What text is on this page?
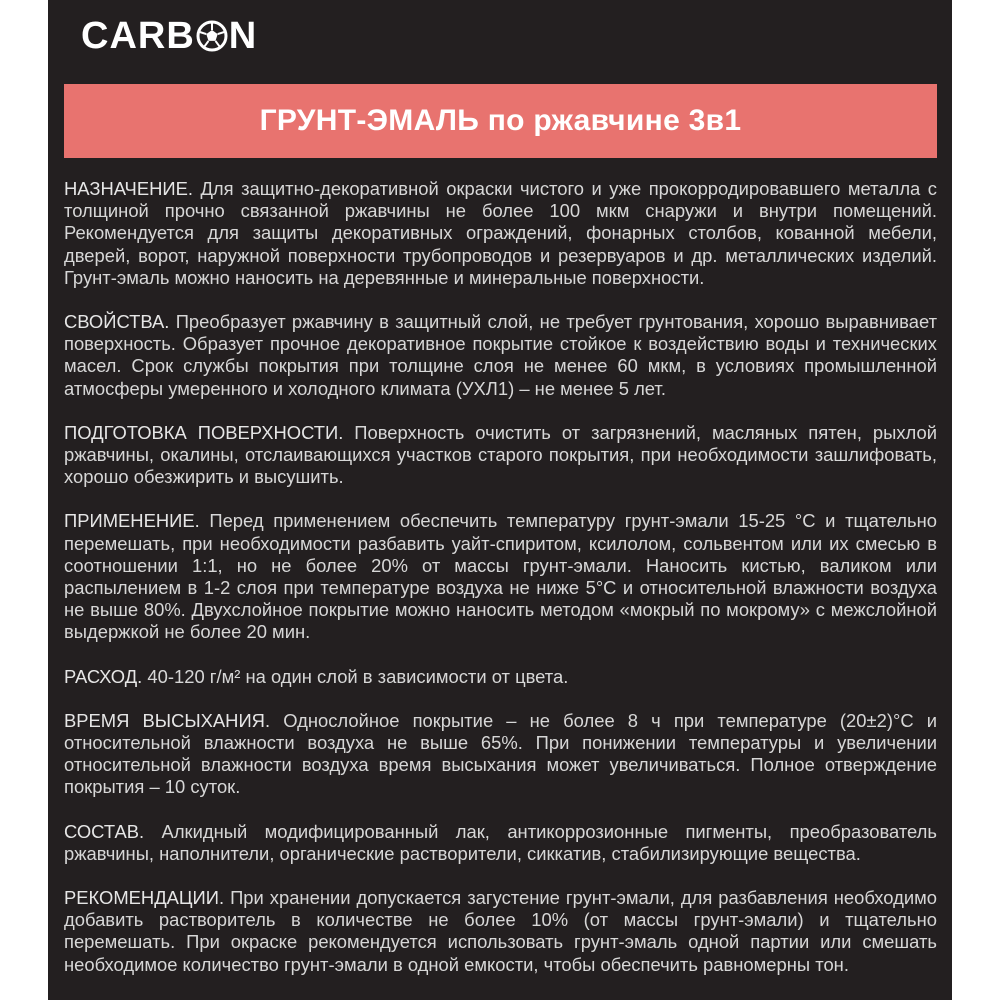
CARB N
ГРУНТ-ЭМАЛЬ по ржавчине 3в1

НАЗНАЧЕНИЕ. Для защитно-декоративной окраски чистого и уже прокорродировавшего металла с толщиной прочно связанной ржавчины не более 100 мкм снаружи и внутри помещений. Рекомендуется для защиты декоративных ограждений, фонарных столбов, кованной мебели, дверей, ворот, наружной поверхности трубопроводов и резервуаров и др. металлических изделий. Грунт-эмаль можно наносить на деревянные и минеральные поверхности.

СВОЙСТВА. Преобразует ржавчину в защитный слой, не требует грунтования, хорошо выравнивает поверхность. Образует прочное декоративное покрытие стойкое к воздействию воды и технических масел. Срок службы покрытия при толщине слоя не менее 60 мкм, в условиях промышленной атмосферы умеренного и холодного климата (УХЛ1) – не менее 5 лет.

ПОДГОТОВКА ПОВЕРХНОСТИ. Поверхность очистить от загрязнений, масляных пятен, рыхлой ржавчины, окалины, отслаивающихся участков старого покрытия, при необходимости зашлифовать, хорошо обезжирить и высушить.

ПРИМЕНЕНИЕ. Перед применением обеспечить температуру грунт-эмали 15-25 °С и тщательно перемешать, при необходимости разбавить уайт-спиритом, ксилолом, сольвентом или их смесью в соотношении 1:1, но не более 20% от массы грунт-эмали. Наносить кистью, валиком или распылением в 1-2 слоя при температуре воздуха не ниже 5°С и относительной влажности воздуха не выше 80%. Двухслойное покрытие можно наносить методом «мокрый по мокрому» с межслойной выдержкой не более 20 мин.

РАСХОД. 40-120 г/м² на один слой в зависимости от цвета.

ВРЕМЯ ВЫСЫХАНИЯ. Однослойное покрытие – не более 8 ч при температуре (20±2)°С и относительной влажности воздуха не выше 65%. При понижении температуры и увеличении относительной влажности воздуха время высыхания может увеличиваться. Полное отверждение покрытия – 10 суток.

СОСТАВ. Алкидный модифицированный лак, антикоррозионные пигменты, преобразователь ржавчины, наполнители, органические растворители, сиккатив, стабилизирующие вещества.

РЕКОМЕНДАЦИИ. При хранении допускается загустение грунт-эмали, для разбавления необходимо добавить растворитель в количестве не более 10% (от массы грунт-эмали) и тщательно перемешать. При окраске рекомендуется использовать грунт-эмаль одной партии или смешать необходимое количество грунт-эмали в одной емкости, чтобы обеспечить равномерны тон.
